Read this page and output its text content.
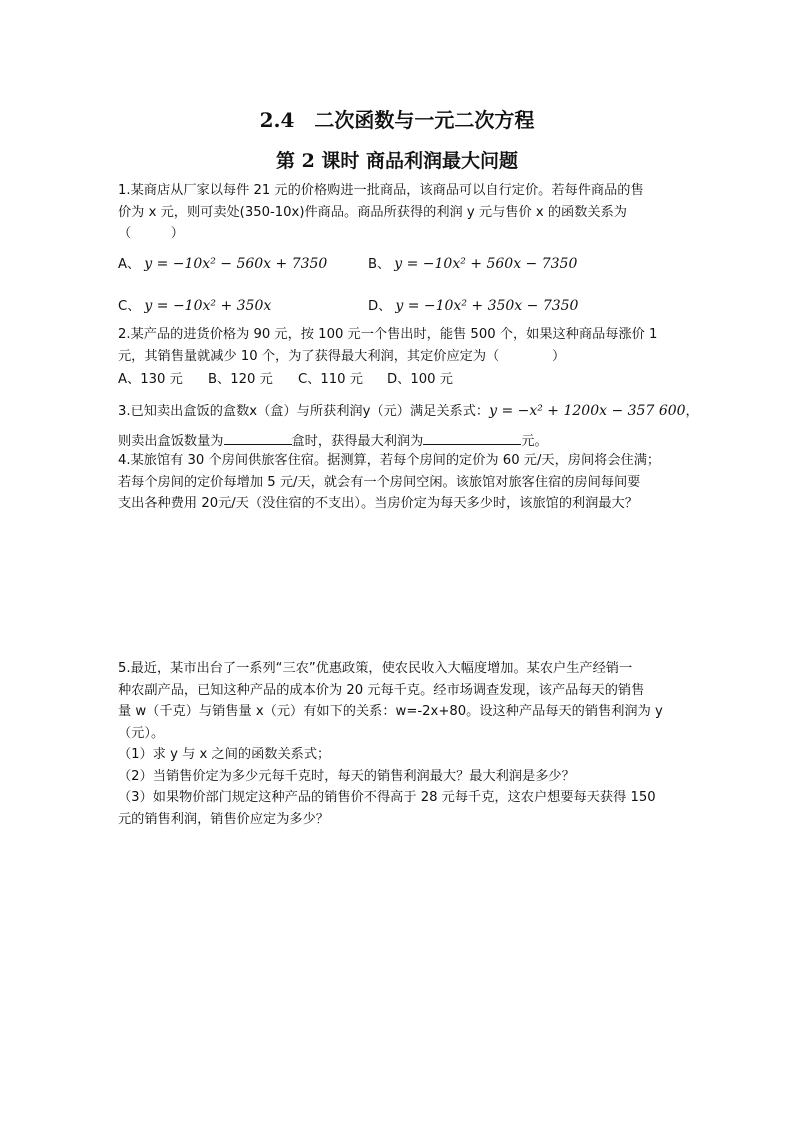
2.4　二次函数与一元二次方程
第 2 课时 商品利润最大问题
1.某商店从厂家以每件 21 元的价格购进一批商品，该商品可以自行定价。若每件商品的售
价为 x 元，则可卖处(350-10x)件商品。商品所获得的利润 y 元与售价 x 的函数关系为
（　　　）
A、 y = −10x² − 560x + 7350	B、 y = −10x² + 560x − 7350
C、 y = −10x² + 350x	D、 y = −10x² + 350x − 7350
2.某产品的进货价格为 90 元，按 100 元一个售出时，能售 500 个，如果这种商品每涨价 1
元，其销售量就减少 10 个，为了获得最大利润，其定价应定为（　　　　）
A、130 元 B、120 元 C、110 元 D、100 元
3.已知卖出盒饭的盒数x（盒）与所获利润y（元）满足关系式：y = −x² + 1200x − 357 600，
则卖出盒饭数量为	盒时，获得最大利润为	元。
4.某旅馆有 30 个房间供旅客住宿。据测算，若每个房间的定价为 60 元/天，房间将会住满；
若每个房间的定价每增加 5 元/天，就会有一个房间空闲。该旅馆对旅客住宿的房间每间要
支出各种费用 20元/天（没住宿的不支出）。当房价定为每天多少时，该旅馆的利润最大？
5.最近，某市出台了一系列“三农”优惠政策，使农民收入大幅度增加。某农户生产经销一
种农副产品，已知这种产品的成本价为 20 元每千克。经市场调查发现，该产品每天的销售
量 w（千克）与销售量 x（元）有如下的关系：w=-2x+80。设这种产品每天的销售利润为 y
（元）。
（1）求 y 与 x 之间的函数关系式；
（2）当销售价定为多少元每千克时，每天的销售利润最大？最大利润是多少？
（3）如果物价部门规定这种产品的销售价不得高于 28 元每千克，这农户想要每天获得 150
元的销售利润，销售价应定为多少？
